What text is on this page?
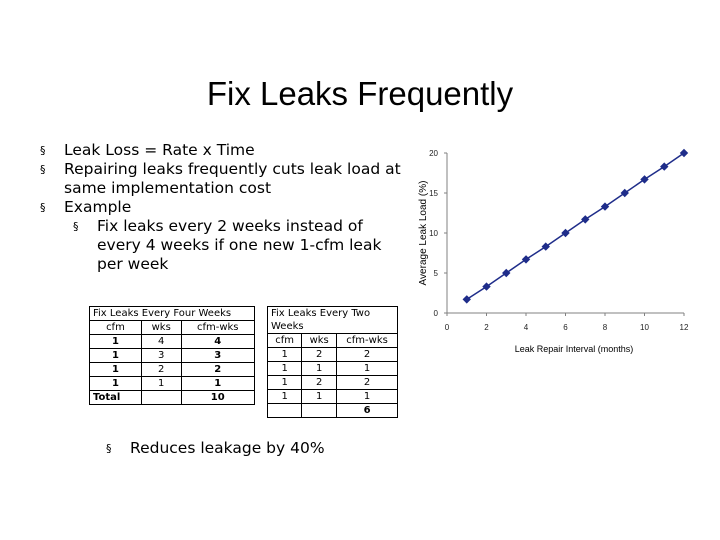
Fix Leaks Frequently
§ Leak Loss = Rate x Time
§ Repairing leaks frequently cuts leak load at same implementation cost
§ Example
§ Fix leaks every 2 weeks instead of every 4 weeks if one new 1-cfm leak per week
Fix Leaks Every Four Weeks		
cfm	wks	cfm-wks
1	4	4
1	3	3
1	2	2
1	1	1
Total		10
Fix Leaks Every Two Weeks		
cfm	wks	cfm-wks
1	2	2
1	1	1
1	2	2
1	1	1
		6
§ Reduces leakage by 40%
0
5
10
15
20
0	2	4	6	8	10	12
Leak Repair Interval (months)
Average Leak Load (%)
